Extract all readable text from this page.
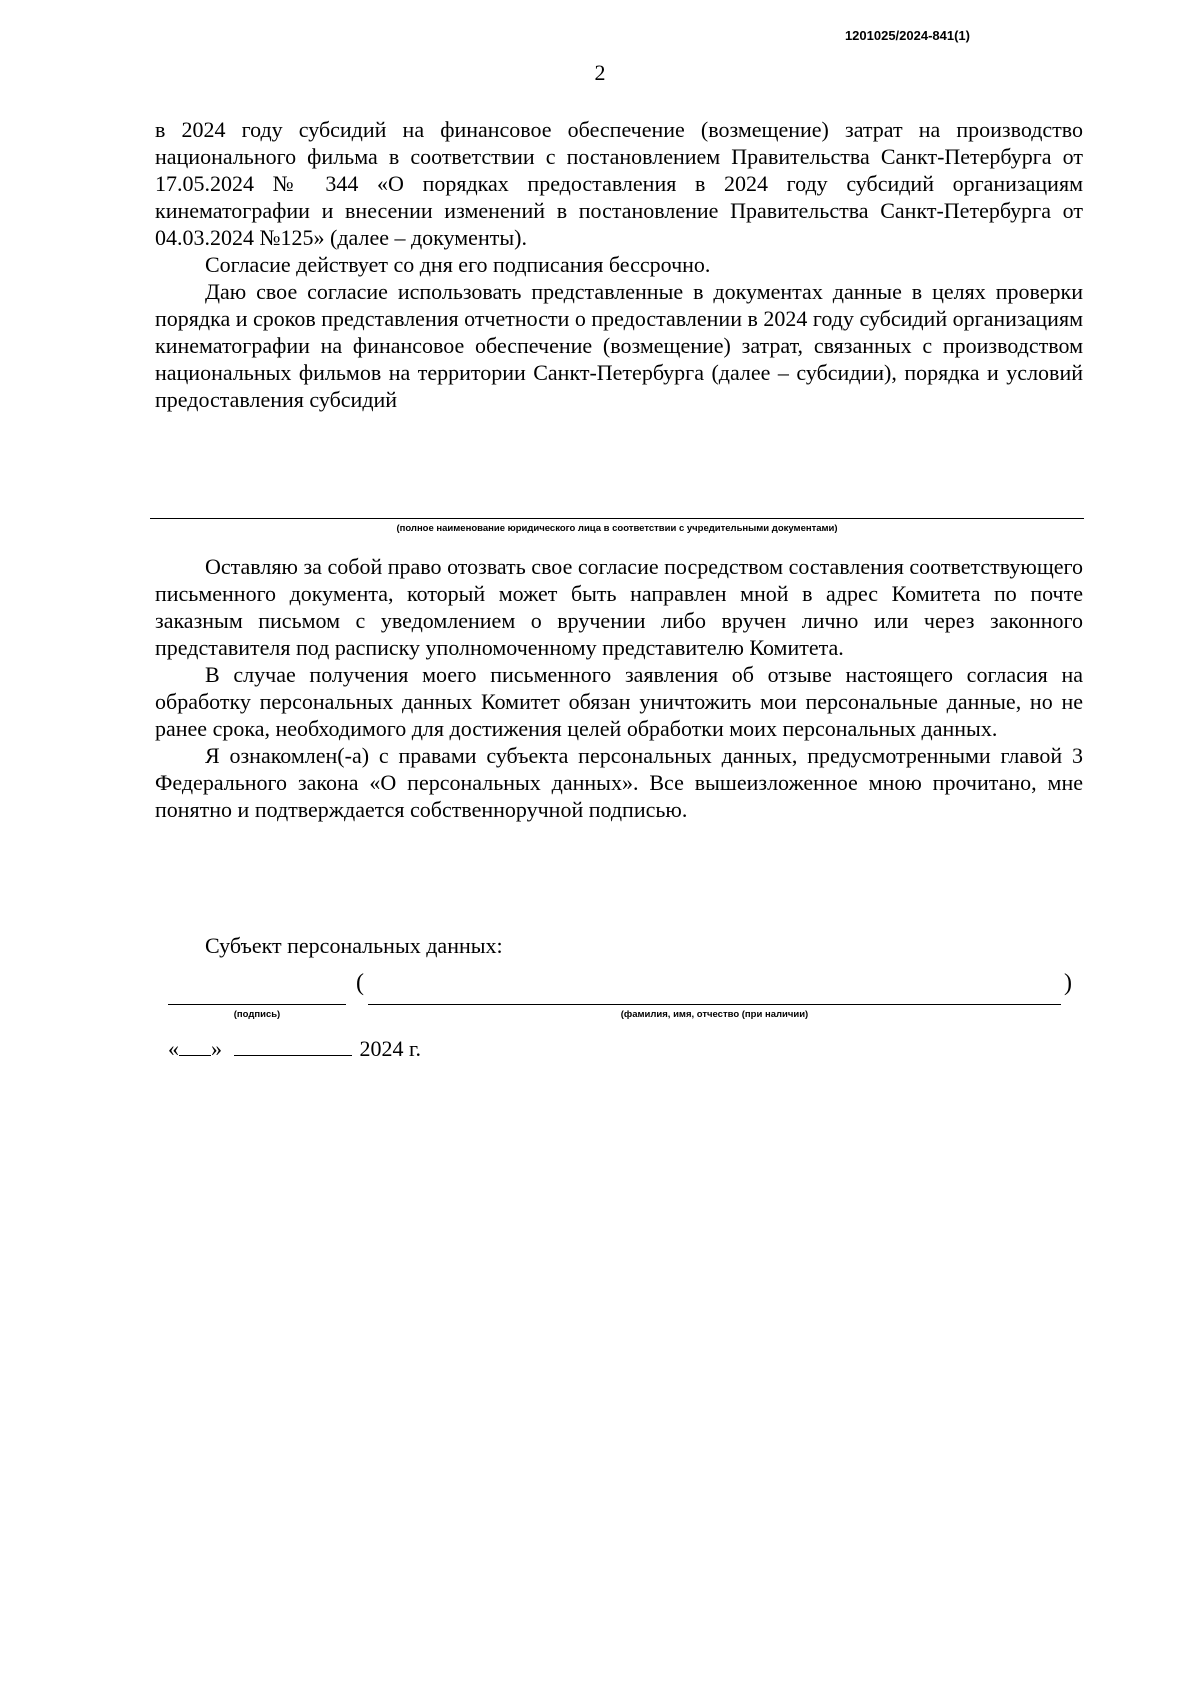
1201025/2024-841(1)
2

в 2024 году субсидий на финансовое обеспечение (возмещение) затрат на производство национального фильма в соответствии с постановлением Правительства Санкт-Петербурга от 17.05.2024 № 344 «О порядках предоставления в 2024 году субсидий организациям кинематографии и внесении изменений в постановление Правительства Санкт-Петербурга от 04.03.2024 №125» (далее – документы).

Согласие действует со дня его подписания бессрочно.

Даю свое согласие использовать представленные в документах данные в целях проверки порядка и сроков представления отчетности о предоставлении в 2024 году субсидий организациям кинематографии на финансовое обеспечение (возмещение) затрат, связанных с производством национальных фильмов на территории Санкт-Петербурга (далее – субсидии), порядка и условий предоставления субсидий

(полное наименование юридического лица в соответствии с учредительными документами)

Оставляю за собой право отозвать свое согласие посредством составления соответствующего письменного документа, который может быть направлен мной в адрес Комитета по почте заказным письмом с уведомлением о вручении либо вручен лично или через законного представителя под расписку уполномоченному представителю Комитета.

В случае получения моего письменного заявления об отзыве настоящего согласия на обработку персональных данных Комитет обязан уничтожить мои персональные данные, но не ранее срока, необходимого для достижения целей обработки моих персональных данных.

Я ознакомлен(-а) с правами субъекта персональных данных, предусмотренными главой 3 Федерального закона «О персональных данных». Все вышеизложенное мною прочитано, мне понятно и подтверждается собственноручной подписью.

Субъект персональных данных:
(подпись)
(
(фамилия, имя, отчество (при наличии)
)
« »	2024 г.
